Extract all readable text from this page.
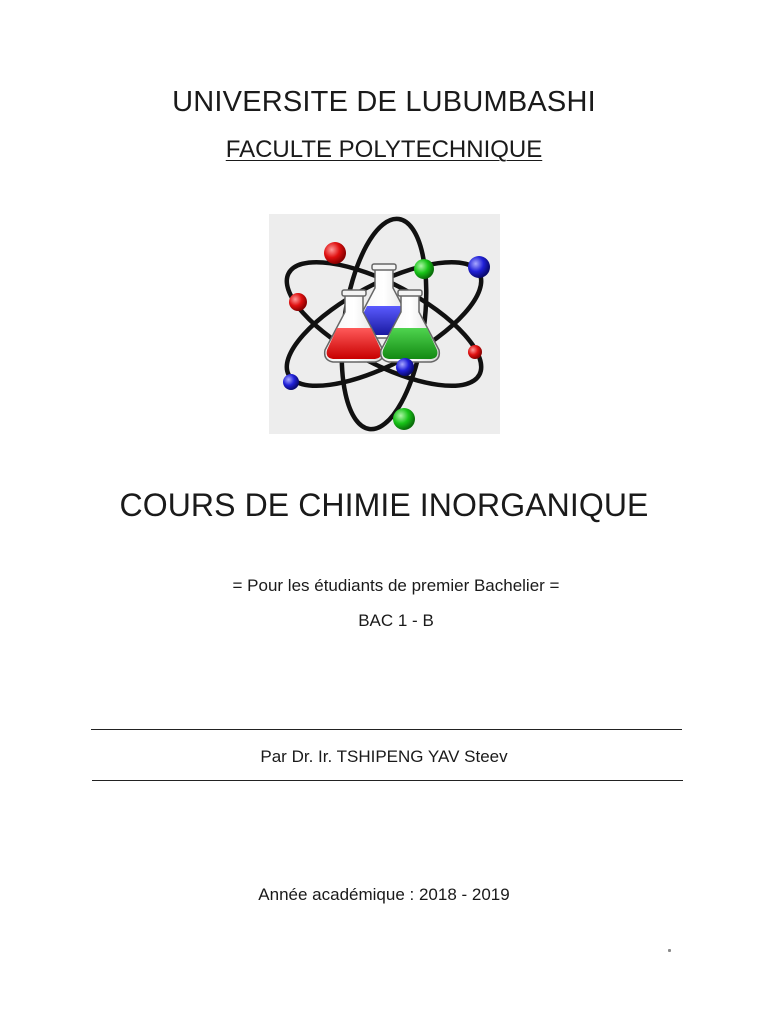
UNIVERSITE DE LUBUMBASHI
FACULTE POLYTECHNIQUE
COURS DE CHIMIE INORGANIQUE
= Pour les étudiants de premier Bachelier =
BAC 1 - B
Par Dr. Ir. TSHIPENG YAV Steev
Année académique : 2018 - 2019
